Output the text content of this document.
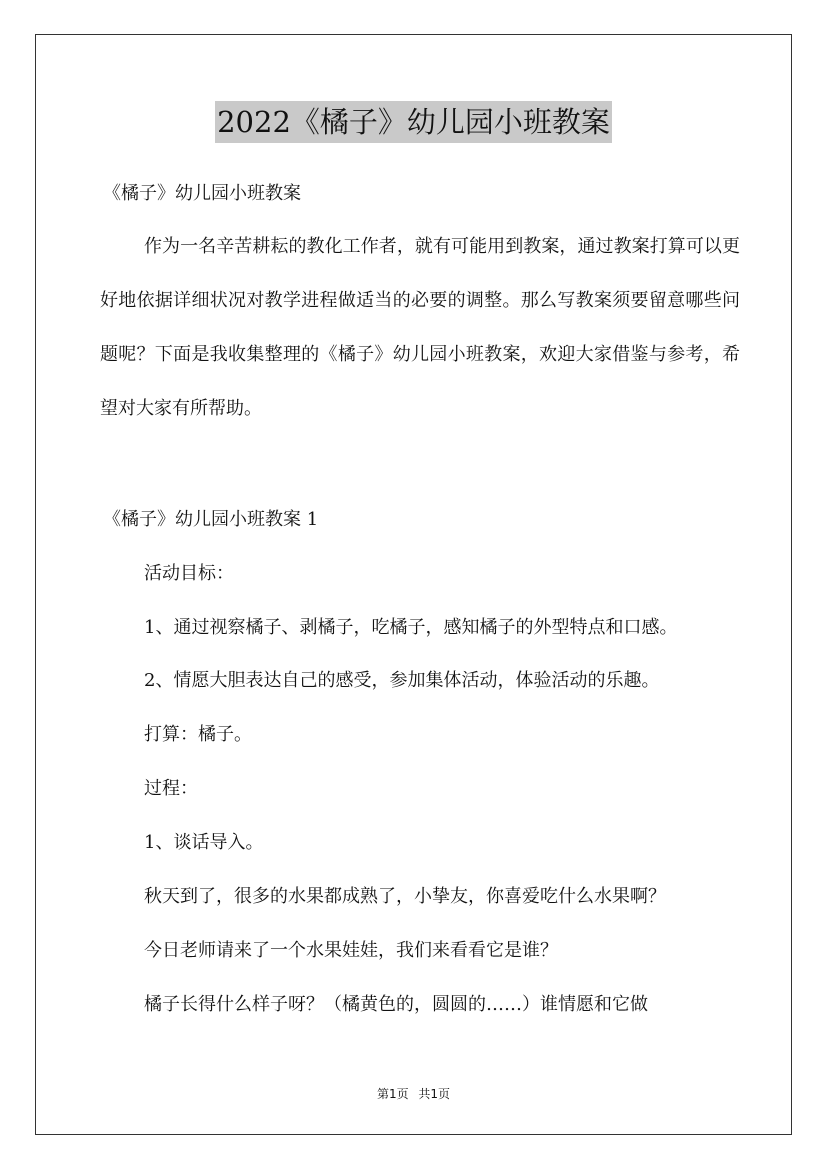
2022《橘子》幼儿园小班教案
《橘子》幼儿园小班教案
作为一名辛苦耕耘的教化工作者，就有可能用到教案，通过教案打算可以更好地依据详细状况对教学进程做适当的必要的调整。那么写教案须要留意哪些问题呢？下面是我收集整理的《橘子》幼儿园小班教案，欢迎大家借鉴与参考，希望对大家有所帮助。
《橘子》幼儿园小班教案 1
活动目标：
1、通过视察橘子、剥橘子，吃橘子，感知橘子的外型特点和口感。
2、情愿大胆表达自己的感受，参加集体活动，体验活动的乐趣。
打算：橘子。
过程：
1、谈话导入。
秋天到了，很多的水果都成熟了，小挚友，你喜爱吃什么水果啊？
今日老师请来了一个水果娃娃，我们来看看它是谁？
橘子长得什么样子呀？（橘黄色的，圆圆的……）谁情愿和它做
第1页 共1页
